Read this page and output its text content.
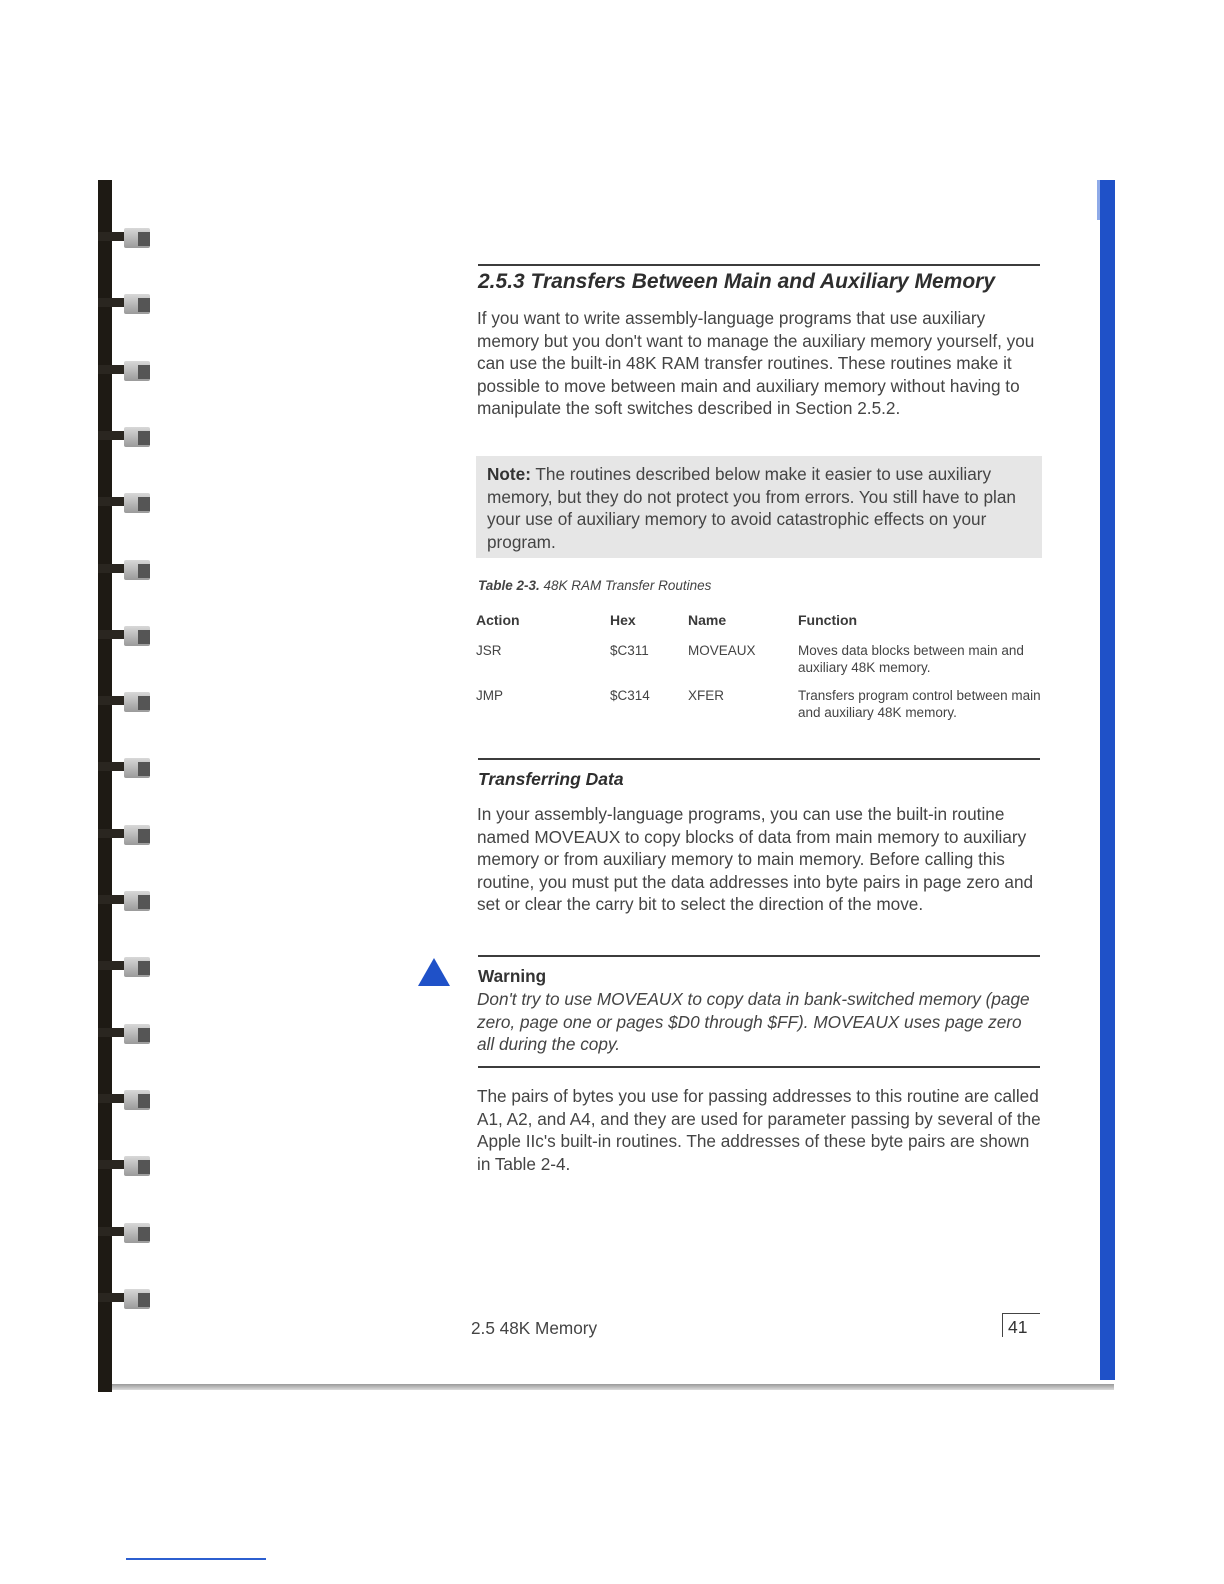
2.5.3 Transfers Between Main and Auxiliary Memory

If you want to write assembly-language programs that use auxiliary memory but you don't want to manage the auxiliary memory yourself, you can use the built-in 48K RAM transfer routines. These routines make it possible to move between main and auxiliary memory without having to manipulate the soft switches described in Section 2.5.2.

Note: The routines described below make it easier to use auxiliary memory, but they do not protect you from errors. You still have to plan your use of auxiliary memory to avoid catastrophic effects on your program.

Table 2-3. 48K RAM Transfer Routines
Action	Hex	Name	Function
JSR	$C311	MOVEAUX	Moves data blocks between main and auxiliary 48K memory.
JMP	$C314	XFER	Transfers program control between main and auxiliary 48K memory.
Transferring Data

In your assembly-language programs, you can use the built-in routine named MOVEAUX to copy blocks of data from main memory to auxiliary memory or from auxiliary memory to main memory. Before calling this routine, you must put the data addresses into byte pairs in page zero and set or clear the carry bit to select the direction of the move.

Warning

Don't try to use MOVEAUX to copy data in bank-switched memory (page zero, page one or pages $D0 through $FF). MOVEAUX uses page zero all during the copy.

The pairs of bytes you use for passing addresses to this routine are called A1, A2, and A4, and they are used for parameter passing by several of the Apple IIc's built-in routines. The addresses of these byte pairs are shown in Table 2-4.

2.5 48K Memory	41
